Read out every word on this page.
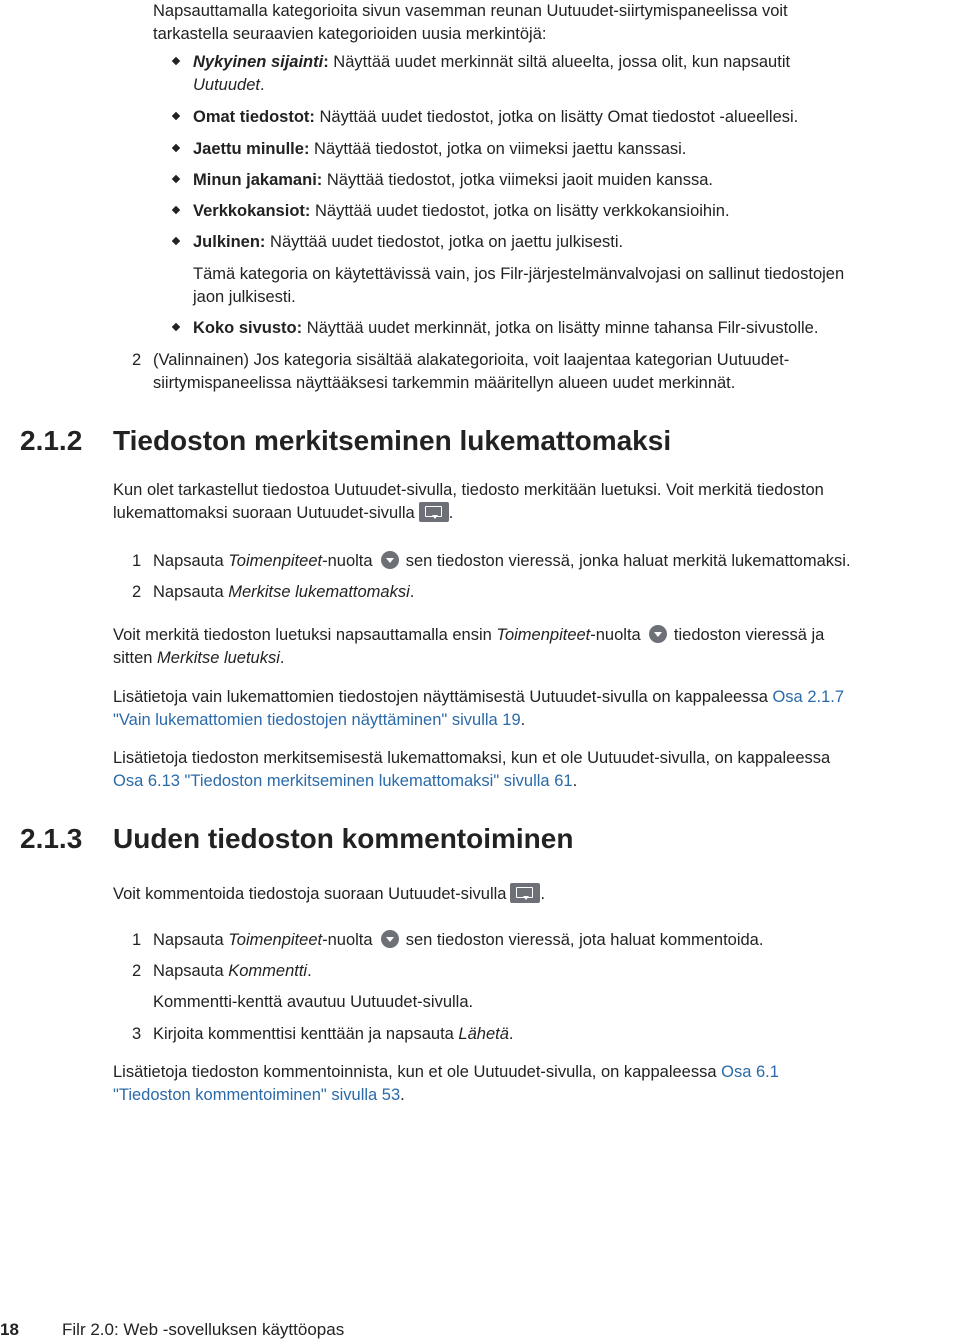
Napsauttamalla kategorioita sivun vasemman reunan Uutuudet-siirtymispaneelissa voit
tarkastella seuraavien kategorioiden uusia merkintöjä:
Nykyinen sijainti: Näyttää uudet merkinnät siltä alueelta, jossa olit, kun napsautit
Uutuudet.
Omat tiedostot: Näyttää uudet tiedostot, jotka on lisätty Omat tiedostot -alueellesi.
Jaettu minulle: Näyttää tiedostot, jotka on viimeksi jaettu kanssasi.
Minun jakamani: Näyttää tiedostot, jotka viimeksi jaoit muiden kanssa.
Verkkokansiot: Näyttää uudet tiedostot, jotka on lisätty verkkokansioihin.
Julkinen: Näyttää uudet tiedostot, jotka on jaettu julkisesti.
Tämä kategoria on käytettävissä vain, jos Filr-järjestelmänvalvojasi on sallinut tiedostojen
jaon julkisesti.
Koko sivusto: Näyttää uudet merkinnät, jotka on lisätty minne tahansa Filr-sivustolle.
2 (Valinnainen) Jos kategoria sisältää alakategorioita, voit laajentaa kategorian Uutuudet-
siirtymispaneelissa näyttääksesi tarkemmin määritellyn alueen uudet merkinnät.
2.1.2 Tiedoston merkitseminen lukemattomaksi
Kun olet tarkastellut tiedostoa Uutuudet-sivulla, tiedosto merkitään luetuksi. Voit merkitä tiedoston
lukemattomaksi suoraan Uutuudet-sivulla .
1 Napsauta Toimenpiteet-nuolta sen tiedoston vieressä, jonka haluat merkitä lukemattomaksi.
2 Napsauta Merkitse lukemattomaksi.
Voit merkitä tiedoston luetuksi napsauttamalla ensin Toimenpiteet-nuolta tiedoston vieressä ja
sitten Merkitse luetuksi.
Lisätietoja vain lukemattomien tiedostojen näyttämisestä Uutuudet-sivulla on kappaleessa Osa 2.1.7
"Vain lukemattomien tiedostojen näyttäminen" sivulla 19.
Lisätietoja tiedoston merkitsemisestä lukemattomaksi, kun et ole Uutuudet-sivulla, on kappaleessa
Osa 6.13 "Tiedoston merkitseminen lukemattomaksi" sivulla 61.
2.1.3 Uuden tiedoston kommentoiminen
Voit kommentoida tiedostoja suoraan Uutuudet-sivulla .
1 Napsauta Toimenpiteet-nuolta sen tiedoston vieressä, jota haluat kommentoida.
2 Napsauta Kommentti.
Kommentti-kenttä avautuu Uutuudet-sivulla.
3 Kirjoita kommenttisi kenttään ja napsauta Lähetä.
Lisätietoja tiedoston kommentoinnista, kun et ole Uutuudet-sivulla, on kappaleessa Osa 6.1
"Tiedoston kommentoiminen" sivulla 53.
18	Filr 2.0: Web -sovelluksen käyttöopas
